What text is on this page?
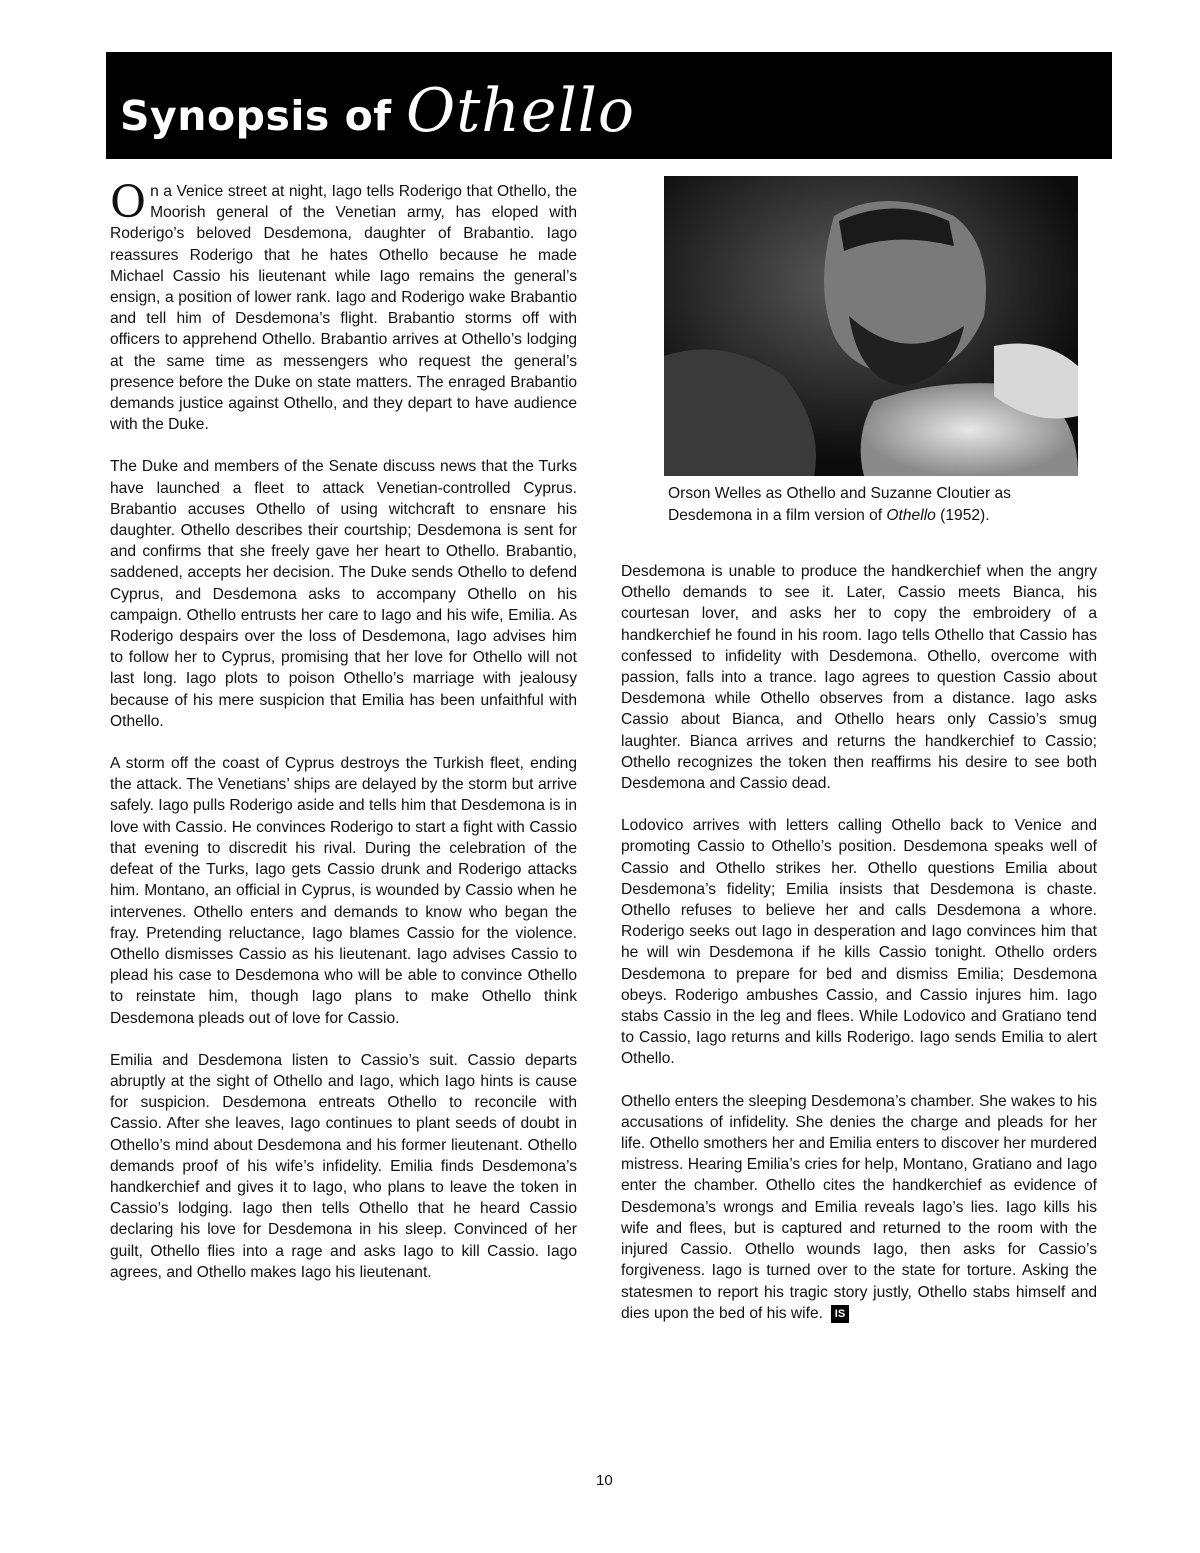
Synopsis of Othello

On a Venice street at night, Iago tells Roderigo that Othello, the Moorish general of the Venetian army, has eloped with Roderigo’s beloved Desdemona, daughter of Brabantio. Iago reassures Roderigo that he hates Othello because he made Michael Cassio his lieutenant while Iago remains the general’s ensign, a position of lower rank. Iago and Roderigo wake Brabantio and tell him of Desdemona’s flight. Brabantio storms off with officers to apprehend Othello. Brabantio arrives at Othello’s lodging at the same time as messengers who request the general’s presence before the Duke on state matters. The enraged Brabantio demands justice against Othello, and they depart to have audience with the Duke.

The Duke and members of the Senate discuss news that the Turks have launched a fleet to attack Venetian-controlled Cyprus. Brabantio accuses Othello of using witchcraft to ensnare his daughter. Othello describes their courtship; Desdemona is sent for and confirms that she freely gave her heart to Othello. Brabantio, saddened, accepts her decision. The Duke sends Othello to defend Cyprus, and Desdemona asks to accompany Othello on his campaign. Othello entrusts her care to Iago and his wife, Emilia. As Roderigo despairs over the loss of Desdemona, Iago advises him to follow her to Cyprus, promising that her love for Othello will not last long. Iago plots to poison Othello’s marriage with jealousy because of his mere suspicion that Emilia has been unfaithful with Othello.

A storm off the coast of Cyprus destroys the Turkish fleet, ending the attack. The Venetians’ ships are delayed by the storm but arrive safely. Iago pulls Roderigo aside and tells him that Desdemona is in love with Cassio. He convinces Roderigo to start a fight with Cassio that evening to discredit his rival. During the celebration of the defeat of the Turks, Iago gets Cassio drunk and Roderigo attacks him. Montano, an official in Cyprus, is wounded by Cassio when he intervenes. Othello enters and demands to know who began the fray. Pretending reluctance, Iago blames Cassio for the violence. Othello dismisses Cassio as his lieutenant. Iago advises Cassio to plead his case to Desdemona who will be able to convince Othello to reinstate him, though Iago plans to make Othello think Desdemona pleads out of love for Cassio.

Emilia and Desdemona listen to Cassio’s suit. Cassio departs abruptly at the sight of Othello and Iago, which Iago hints is cause for suspicion. Desdemona entreats Othello to reconcile with Cassio. After she leaves, Iago continues to plant seeds of doubt in Othello’s mind about Desdemona and his former lieutenant. Othello demands proof of his wife’s infidelity. Emilia finds Desdemona’s handkerchief and gives it to Iago, who plans to leave the token in Cassio’s lodging. Iago then tells Othello that he heard Cassio declaring his love for Desdemona in his sleep. Convinced of her guilt, Othello flies into a rage and asks Iago to kill Cassio. Iago agrees, and Othello makes Iago his lieutenant.

Orson Welles as Othello and Suzanne Cloutier as Desdemona in a film version of Othello (1952).

Desdemona is unable to produce the handkerchief when the angry Othello demands to see it. Later, Cassio meets Bianca, his courtesan lover, and asks her to copy the embroidery of a handkerchief he found in his room. Iago tells Othello that Cassio has confessed to infidelity with Desdemona. Othello, overcome with passion, falls into a trance. Iago agrees to question Cassio about Desdemona while Othello observes from a distance. Iago asks Cassio about Bianca, and Othello hears only Cassio’s smug laughter. Bianca arrives and returns the handkerchief to Cassio; Othello recognizes the token then reaffirms his desire to see both Desdemona and Cassio dead.

Lodovico arrives with letters calling Othello back to Venice and promoting Cassio to Othello’s position. Desdemona speaks well of Cassio and Othello strikes her. Othello questions Emilia about Desdemona’s fidelity; Emilia insists that Desdemona is chaste. Othello refuses to believe her and calls Desdemona a whore. Roderigo seeks out Iago in desperation and Iago convinces him that he will win Desdemona if he kills Cassio tonight. Othello orders Desdemona to prepare for bed and dismiss Emilia; Desdemona obeys. Roderigo ambushes Cassio, and Cassio injures him. Iago stabs Cassio in the leg and flees. While Lodovico and Gratiano tend to Cassio, Iago returns and kills Roderigo. Iago sends Emilia to alert Othello.

Othello enters the sleeping Desdemona’s chamber. She wakes to his accusations of infidelity. She denies the charge and pleads for her life. Othello smothers her and Emilia enters to discover her murdered mistress. Hearing Emilia’s cries for help, Montano, Gratiano and Iago enter the chamber. Othello cites the handkerchief as evidence of Desdemona’s wrongs and Emilia reveals Iago’s lies. Iago kills his wife and flees, but is captured and returned to the room with the injured Cassio. Othello wounds Iago, then asks for Cassio’s forgiveness. Iago is turned over to the state for torture. Asking the statesmen to report his tragic story justly, Othello stabs himself and dies upon the bed of his wife. IS

10
